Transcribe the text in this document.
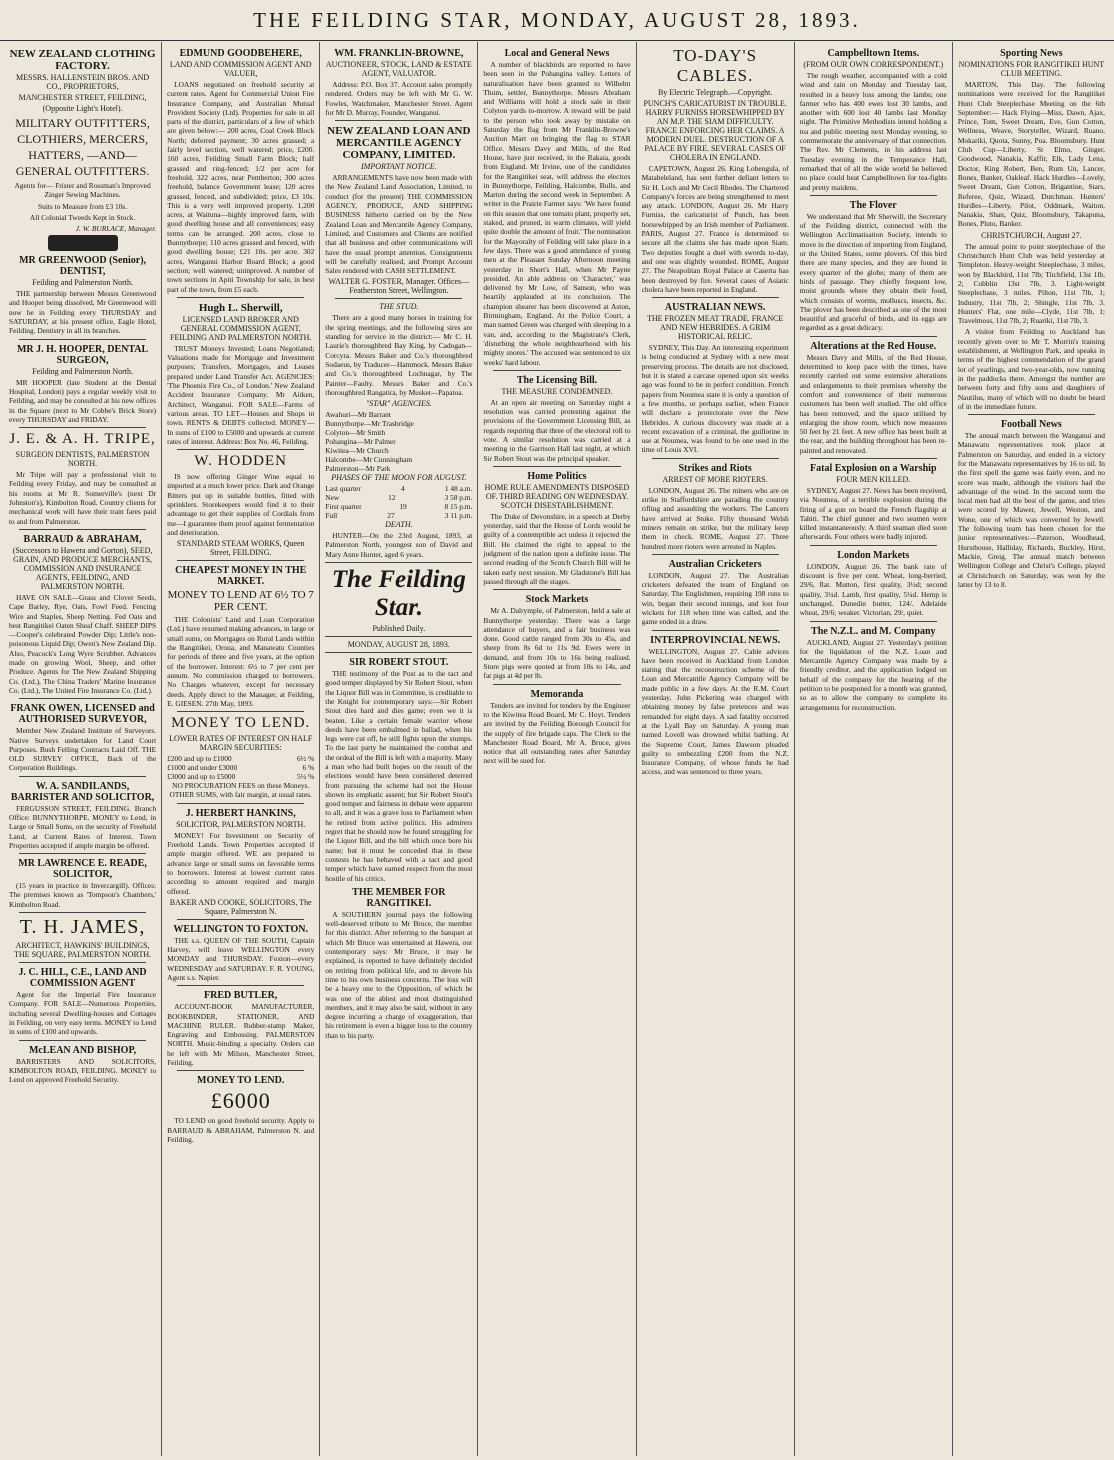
THE FEILDING STAR, MONDAY, AUGUST 28, 1893.
NEW ZEALAND CLOTHING FACTORY.
MESSRS. HALLENSTEIN BROS. AND CO., PROPRIETORS,
MANCHESTER STREET, FEILDING,
(Opposite Light's Hotel).
MILITARY OUTFITTERS, CLOTHIERS, MERCERS, HATTERS, —AND— GENERAL OUTFITTERS.
Agents for— Frister and Rossman's Improved Zinger Sewing Machines.
Suits to Measure from £3 10s.
All Colonial Tweeds Kept in Stock.
J. W. BURLACE, Manager.
MR GREENWOOD (Senior), DENTIST,
Feilding and Palmerston North.
THE partnership between Messrs Greenwood and Hooper being dissolved, Mr Greenwood will now be in Feilding every THURSDAY and SATURDAY, at his present office, Eagle Hotel, Feilding. Dentistry in all its branches.
MR J. H. HOOPER, DENTAL SURGEON,
Feilding and Palmerston North.
MR HOOPER (late Student at the Dental Hospital, London) pays a regular weekly visit to Feilding, and may be consulted at his new offices in the Square (next to Mr Cobbe's Brick Store) every THURSDAY and FRIDAY.
J. E. & A. H. TRIPE,
SURGEON DENTISTS, PALMERSTON NORTH.
Mr Tripe will pay a professional visit to Feilding every Friday, and may be consulted at his rooms at Mr R. Somerville's (next Dr Johnston's), Kimbolton Road. Country clients for mechanical work will have their train fares paid to and from Palmerston.
BARRAUD & ABRAHAM,
(Successors to Hawera and Gorton), SEED, GRAIN, AND PRODUCE MERCHANTS, COMMISSION AND INSURANCE AGENTS, FEILDING, AND PALMERSTON NORTH.
HAVE ON SALE—Grass and Clover Seeds, Cape Barley, Rye, Oats, Fowl Feed. Fencing Wire and Staples, Sheep Netting. Fed Oats and best Rangitikei Oaten Sheaf Chaff. SHEEP DIPS—Cooper's celebrated Powder Dip; Little's non-poisonous Liquid Dip; Owen's New Zealand Dip. Also, Peacock's Long Wyre Scrubber. Advances made on growing Wool, Sheep, and other Produce. Agents for The New Zealand Shipping Co. (Ltd.), The China Traders' Marine Insurance Co. (Ltd.), The United Fire Insurance Co. (Ltd.).
FRANK OWEN, LICENSED and AUTHORISED SURVEYOR,
Member New Zealand Institute of Surveyors. Native Surveys undertaken for Land Court Purposes. Bush Felling Contracts Laid Off. THE OLD SURVEY OFFICE, Back of the Corporation Buildings.
W. A. SANDILANDS, BARRISTER AND SOLICITOR,
FERGUSSON STREET, FEILDING. Branch Office: BUNNYTHORPE. MONEY to Lend, in Large or Small Sums, on the security of Freehold Land, at Current Rates of Interest. Town Properties accepted if ample margin be offered.
MR LAWRENCE E. READE, SOLICITOR,
(15 years in practice in Invercargill). Offices: The premises known as 'Tompson's Chambers,' Kimbolton Road.
T. H. JAMES,
ARCHITECT, HAWKINS' BUILDINGS, THE SQUARE, PALMERSTON NORTH.
J. C. HILL, C.E., LAND AND COMMISSION AGENT
Agent for the Imperial Fire Insurance Company. FOR SALE—Numerous Properties, including several Dwelling-houses and Cottages in Feilding, on very easy terms. MONEY to Lend in sums of £100 and upwards.
McLEAN AND BISHOP,
BARRISTERS AND SOLICITORS, KIMBOLTON ROAD, FEILDING. MONEY to Lend on approved Freehold Security.
EDMUND GOODBEHERE,
LAND AND COMMISSION AGENT AND VALUER,
LOANS negotiated on freehold security at current rates. Agent for Commercial Union Fire Insurance Company, and Australian Mutual Provident Society (Ltd). Properties for sale in all parts of the district, particulars of a few of which are given below:— 200 acres, Coal Creek Block North; deferred payment; 30 acres grassed; a fairly level section, well watered; price, £200. 160 acres, Feilding Small Farm Block; half grassed and ring-fenced; 1/2 per acre for freehold. 322 acres, near Pemberton; 300 acres freehold, balance Government lease; 120 acres grassed, fenced, and subdivided; price, £3 10s. This is a very well improved property. 1,200 acres, at Waituna—highly improved farm, with good dwelling house and all conveniences; easy terms can be arranged. 200 acres, close to Bunnythorpe; 110 acres grassed and fenced, with good dwelling house; £21 10s. per acre. 302 acres, Wanganui Harbor Board Block; a good section; well watered; uninproved. A number of town sections in Apiti Township for sale, in best part of the town, from £5 each.
Hugh L. Sherwill,
LICENSED LAND BROKER AND GENERAL COMMISSION AGENT, FEILDING AND PALMERSTON NORTH.
TRUST Moneys Invested; Loans Negotiated; Valuations made for Mortgage and Investment purposes; Transfers, Mortgages, and Leases prepared under Land Transfer Act. AGENCIES: 'The Phoenix Fire Co., of London.' New Zealand Accident Insurance Company. Mr Aitken, Architect, Wanganui. FOR SALE—Farms of various areas. TO LET—Houses and Shops in town. RENTS & DEBTS collected. MONEY—In sums of £100 to £5000 and upwards at current rates of interest. Address: Box No. 46, Feilding.
W. HODDEN
IS now offering Ginger Wine equal to imported at a much lower price. Dark and Orange Bitters put up in suitable bottles, fitted with sprinklers. Storekeepers would find it to their advantage to get their supplies of Cordials from me—I guarantee them proof against fermentation and deterioration.
STANDARD STEAM WORKS, Queen Street, FEILDING.
CHEAPEST MONEY IN THE MARKET.
MONEY TO LEND AT 6½ TO 7 PER CENT.
THE Colonists' Land and Loan Corporation (Ltd.) have resumed making advances, in large or small sums, on Mortgages on Rural Lands within the Rangitikei, Oroua, and Manawatu Counties for periods of three and five years, at the option of the borrower. Interest: 6½ to 7 per cent per annum. No commission charged to borrowers. No Charges whatever, except for necessary deeds. Apply direct to the Manager, at Feilding, E. GIESEN. 27th May, 1893.
MONEY TO LEND.
LOWER RATES OF INTEREST ON HALF MARGIN SECURITIES:
£200 and up to £1000	6½ %
£1000 and under £3000	6 %
£3000 and up to £5000	5½ %
NO PROCURATION FEES on these Moneys. OTHER SUMS, with fair margin, at usual rates.
J. HERBERT HANKINS,
SOLICITOR, PALMERSTON NORTH.
MONEY! For Investment on Security of Freehold Lands. Town Properties accepted if ample margin offered. WE are prepared to advance large or small sums on favorable terms to borrowers. Interest at lowest current rates according to amount required and margin offered.
BAKER AND COOKE, SOLICITORS, The Square, Palmerston N.
WELLINGTON TO FOXTON.
THE s.s. QUEEN OF THE SOUTH, Captain Harvey, will leave WELLINGTON every MONDAY and THURSDAY. Foxton—every WEDNESDAY and SATURDAY. F. R. YOUNG, Agent s.s. Napier.
FRED BUTLER,
ACCOUNT-BOOK MANUFACTURER, BOOKBINDER, STATIONER, AND MACHINE RULER. Rubber-stamp Maker, Engraving and Embossing. PALMERSTON NORTH. Music-binding a specialty. Orders can be left with Mr Milson, Manchester Street, Feilding.
MONEY TO LEND.
£6000
TO LEND on good freehold security. Apply to BARRAUD & ABRAHAM, Palmerston N. and Feilding.
WM. FRANKLIN-BROWNE,
AUCTIONEER, STOCK, LAND & ESTATE AGENT, VALUATOR.
Address: P.O. Box 37. Account sales promptly rendered. Orders may be left with Mr G. W. Fowles, Watchmaker, Manchester Street. Agent for Mr D. Murray, Founder, Wanganui.
NEW ZEALAND LOAN AND MERCANTILE AGENCY COMPANY, LIMITED.
IMPORTANT NOTICE.
ARRANGEMENTS have now been made with the New Zealand Land Association, Limited, to conduct (for the present) THE COMMISSION AGENCY, PRODUCE, AND SHIPPING BUSINESS hitherto carried on by the New Zealand Loan and Mercantile Agency Company, Limited, and Customers and Clients are notified that all business and other communications will have the usual prompt attention. Consignments will be carefully realised, and Prompt Account Sales rendered with CASH SETTLEMENT.
WALTER G. FOSTER, Manager. Offices—Featherston Street, Wellington.
THE STUD.
There are a good many horses in training for the spring meetings, and the following sires are standing for service in the district:— Mr C. H. Laurie's thoroughbred Bay King, by Cadogan—Corcyra. Messrs Baker and Co.'s thoroughbred Sodaeus, by Traducer—Hammock. Messrs Baker and Co.'s thoroughbred Lochnagar, by The Painter—Faulty. Messrs Baker and Co.'s thoroughbred Rangatira, by Musket—Papatoa.
"STAR" AGENCIES.
Awahuri—Mr Barrant
Bunnythorpe—Mr Trasbridge
Colyton—Mr Smith
Pohangina—Mr Palmer
Kiwitea—Mr Church
Halcombe—Mr Cunningham
Palmerston—Mr Park
PHASES OF THE MOON FOR AUGUST.
Last quarter	4	1 48 a.m.
New	12	3 58 p.m.
First quarter	19	8 15 p.m.
Full	27	3 11 p.m.
DEATH.
HUNTER—On the 23rd August, 1893, at Palmerston North, youngest son of David and Mary Anne Hunter, aged 6 years.
The Feilding Star.
Published Daily.
MONDAY, AUGUST 28, 1893.
SIR ROBERT STOUT.
THE testimony of the Post as to the tact and good temper displayed by Sir Robert Stout, when the Liquor Bill was in Committee, is creditable to the Knight for contemporary says:—Sir Robert Stout dies hard and dies game; even we it is beaten. Like a certain female warrior whose deeds have been embalmed in ballad, when his legs were cut off, he still fights upon the stumps. To the last party he maintained the combat and the ordeal of the Bill is left with a majority. Many a man who had built hopes on the result of the elections would have been considered deterred from pursuing the scheme had not the House shown its emphatic assent; but Sir Robert Stout's good temper and fairness in debate were apparent to all, and it was a grave loss to Parliament when he retired from active politics. His admirers regret that he should now be found struggling for the Liquor Bill, and the bill which once bore his name; but it must be conceded that in these contests he has behaved with a tact and good temper which have earned respect from the most hostile of his critics.
THE MEMBER FOR RANGITIKEI.
A SOUTHERN journal pays the following well-deserved tribute to Mr Bruce, the member for this district. After referring to the banquet at which Mr Bruce was entertained at Hawera, our contemporary says: Mr Bruce, it may be explained, is reported to have definitely decided on retiring from political life, and to devote his time to his own business concerns. The loss will be a heavy one to the Opposition, of which he was one of the ablest and most distinguished members, and it may also be said, without in any degree incurring a charge of exaggeration, that his retirement is even a bigger loss to the country than to his party.
Local and General News
A number of blackbirds are reported to have been seen in the Pohangina valley. Letters of naturalisation have been granted to Wilhelm Thum, settler, Bunnythorpe. Messrs Abraham and Williams will hold a stock sale in their Colyton yards to-morrow. A reward will be paid to the person who took away by mistake on Saturday the flag from Mr Franklin-Browne's Auction Mart on bringing the flag to STAR Office. Messrs Davy and Mills, of the Red House, have just received, in the Rakaia, goods from England. Mr Irvine, one of the candidates for the Rangitikei seat, will address the electors in Bunnythorpe, Feilding, Halcombe, Bulls, and Marton during the second week in September. A writer in the Prairie Farmer says: 'We have found on this season that one tomato plant, properly set, staked, and pruned, in warm climates, will yield quite double the amount of fruit.' The nomination for the Mayoralty of Feilding will take place in a few days. There was a good attendance of young men at the Pleasant Sunday Afternoon meeting yesterday in Short's Hall, when Mr Payne presided. An able address on 'Character,' was delivered by Mr Low, of Sanson, who was heartily applauded at its conclusion. The champion shearer has been discovered at Aston, Birmingham, England. At the Police Court, a man named Green was charged with sleeping in a van, and, according to the Magistrate's Clerk, 'disturbing the whole neighbourhood with his mighty snores.' The accused was sentenced to six weeks' hard labour.
The Licensing Bill.
THE MEASURE CONDEMNED.
At an open air meeting on Saturday night a resolution was carried protesting against the provisions of the Government Licensing Bill, as regards requiring that three of the electoral roll to vote. A similar resolution was carried at a meeting in the Garrison Hall last night, at which Sir Robert Stout was the principal speaker.
Home Politics
HOME RULE AMENDMENTS DISPOSED OF. THIRD READING ON WEDNESDAY. SCOTCH DISESTABLISHMENT.
The Duke of Devonshire, in a speech at Derby yesterday, said that the House of Lords would be guilty of a contemptible act unless it rejected the Bill. He claimed the right to appeal to the judgment of the nation upon a definite issue. The second reading of the Scotch Church Bill will be taken early next session. Mr Gladstone's Bill has passed through all the stages.
Stock Markets
Mr A. Dalrymple, of Palmerston, held a sale at Bunnythorpe yesterday. There was a large attendance of buyers, and a fair business was done. Good cattle ranged from 30s to 45s, and sheep from 8s 6d to 11s 9d. Ewes were in demand, and from 10s to 16s being realised. Store pigs were quoted at from 10s to 14s, and fat pigs at 4d per lb.
Memoranda
Tenders are invited for tenders by the Engineer to the Kiwitea Road Board, Mr C. Hoyt. Tenders are invited by the Feilding Borough Council for the supply of fire brigade caps. The Clerk to the Manchester Road Board, Mr A. Bruce, gives notice that all outstanding rates after Saturday next will be sued for.
TO-DAY'S CABLES.
By Electric Telegraph.—Copyright.
PUNCH'S CARICATURIST IN TROUBLE. HARRY FURNISS HORSEWHIPPED BY AN M.P. THE SIAM DIFFICULTY. FRANCE ENFORCING HER CLAIMS. A MODERN DUEL. DESTRUCTION OF A PALACE BY FIRE. SEVERAL CASES OF CHOLERA IN ENGLAND.
CAPETOWN, August 26. King Lobengula, of Matabeleland, has sent further defiant letters to Sir H. Loch and Mr Cecil Rhodes. The Chartered Company's forces are being strengthened to meet any attack. LONDON, August 26. Mr Harry Furniss, the caricaturist of Punch, has been horsewhipped by an Irish member of Parliament. PARIS, August 27. France is determined to secure all the claims she has made upon Siam. Two deputies fought a duel with swords to-day, and one was slightly wounded. ROME, August 27. The Neapolitan Royal Palace at Caserta has been destroyed by fire. Several cases of Asiatic cholera have been reported in England.
AUSTRALIAN NEWS.
THE FROZEN MEAT TRADE. FRANCE AND NEW HEBRIDES. A GRIM HISTORICAL RELIC.
SYDNEY, This Day. An interesting experiment is being conducted at Sydney with a new meat preserving process. The details are not disclosed, but it is stated a carcase opened upon six weeks ago was found to be in perfect condition. French papers from Noumea state it is only a question of a few months, or perhaps earlier, when France will declare a protectorate over the New Hebrides. A curious discovery was made at a recent excavation of a criminal, the guillotine in use at Noumea, was found to be one used in the time of Louis XVI.
Strikes and Riots
ARREST OF MORE RIOTERS.
LONDON, August 26. The miners who are on strike in Staffordshire are parading the country rifling and assaulting the workers. The Lancers have arrived at Stoke. Fifty thousand Welsh miners remain on strike, but the military keep them in check. ROME, August 27. Three hundred more rioters were arrested in Naples.
Australian Cricketers
LONDON, August 27. The Australian cricketers defeated the team of England on Saturday. The Englishmen, requiring 198 runs to win, began their second innings, and lost four wickets for 118 when time was called, and the game ended in a draw.
INTERPROVINCIAL NEWS.
WELLINGTON, August 27. Cable advices have been received in Auckland from London stating that the reconstruction scheme of the Loan and Mercantile Agency Company will be made public in a few days. At the R.M. Court yesterday, John Pickering was charged with obtaining money by false pretences and was remanded for eight days. A sad fatality occurred at the Lyall Bay on Saturday. A young man named Lovell was drowned whilst bathing. At the Supreme Court, James Dawson pleaded guilty to embezzling £200 from the N.Z. Insurance Company, of whose funds he had access, and was sentenced to three years.
Campbelltown Items.
(FROM OUR OWN CORRESPONDENT.)
The rough weather, accompanied with a cold wind and rain on Monday and Tuesday last, resulted in a heavy loss among the lambs; one farmer who has 400 ewes lost 30 lambs, and another with 600 lost 40 lambs last Monday night. The Primitive Methodists intend holding a tea and public meeting next Monday evening, to commemorate the anniversary of that connection. The Rev. Mr Clements, in his address last Tuesday evening in the Temperance Hall, remarked that of all the wide world he believed no place could beat Campbelltown for tea-fights and pretty maidens.
The Flover
We understand that Mr Sherwill, the Secretary of the Feilding district, connected with the Wellington Acclimatisation Society, intends to move in the direction of importing from England, or the United States, some plovers. Of this bird there are many species, and they are found in every quarter of the globe; many of them are birds of passage. They chiefly frequent low, moist grounds where they obtain their food, which consists of worms, molluscs, insects, &c. The plover has been described as one of the most beautiful and graceful of birds, and its eggs are regarded as a great delicacy.
Alterations at the Red House.
Messrs Davy and Mills, of the Red House, determined to keep pace with the times, have recently carried out some extensive alterations and enlargements to their premises whereby the comfort and convenience of their numerous customers has been well studied. The old office has been removed, and the space utilised by enlarging the show room, which now measures 50 feet by 21 feet. A new office has been built at the rear, and the building throughout has been re-painted and renovated.
Fatal Explosion on a Warship
FOUR MEN KILLED.
SYDNEY, August 27. News has been received, via Noumea, of a terrible explosion during the firing of a gun on board the French flagship at Tahiti. The chief gunner and two seamen were killed instantaneously. A third seaman died soon afterwards. Four others were badly injured.
London Markets
LONDON, August 26. The bank rate of discount is five per cent. Wheat, long-berried, 29/6, flat. Mutton, first quality, 3½d; second quality, 3¼d. Lamb, first quality, 5¼d. Hemp is unchanged. Dunedin butter, 124/. Adelaide wheat, 29/6; weaker. Victorian, 29/, quiet.
The N.Z.L. and M. Company
AUCKLAND, August 27. Yesterday's petition for the liquidation of the N.Z. Loan and Mercantile Agency Company was made by a friendly creditor, and the application lodged on behalf of the company for the hearing of the petition to be postponed for a month was granted, so as to allow the company to complete its arrangements for reconstruction.
Sporting News
NOMINATIONS FOR RANGITIKEI HUNT CLUB MEETING.
MARTON, This Day. The following nominations were received for the Rangitikei Hunt Club Steeplechase Meeting on the 6th September:— Hack Flying—Miss, Dawn, Ajax, Prince, Tom, Sweet Dream, Eve, Gun Cotton, Wellness, Weave, Storyteller, Wizard, Ruano, Mokariki, Quota, Sunny, Poa. Bloomsbury. Hunt Club Cup—Liberty, St Elmo, Ginger, Goodwood, Nanakia, Kaffir, Elk, Lady Lena, Doctor, King Robert, Ben, Rum Un, Lancer, Bones, Banker, Oakleaf. Hack Hurdles—Lovely, Sweet Dream, Gun Cotton, Brigantine, Stars, Referee, Quiz, Wizard, Dutchman. Hunters' Hurdles—Liberty, Pilot, Oddmark, Waiton, Nanakia, Shan, Quiz, Bloomsbury, Takapuna, Bones, Pluto, Banker.
CHRISTCHURCH, August 27.
The annual point to point steeplechase of the Christchurch Hunt Club was held yesterday at Templeton. Heavy-weight Steeplechase, 3 miles, won by Blackbird, 11st 7lb; Titchfield, 13st 1lb, 2; Cobblin 13st 7lb, 3. Light-weight Steeplechase, 3 miles. Pilton, 11st 7lb, 1; Industry, 11st 7lb, 2; Shingle, 11st 7lb, 3. Hunters' Flat, one mile—Clyde, 11st 7lb, 1; Travelmoss, 11st 7lb, 2; Ruariki, 11st 7lb, 3.
A visitor from Feilding to Auckland has recently given over to Mr T. Morrin's training establishment, at Wellington Park, and speaks in terms of the highest commendation of the grand lot of yearlings, and two-year-olds, now running in the paddocks there. Amongst the number are between forty and fifty sons and daughters of Nautilus, many of which will no doubt be heard of in the immediate future.
Football News
The annual match between the Wanganui and Manawatu representatives took place at Palmerston on Saturday, and ended in a victory for the Manawatu representatives by 16 to nil. In the first spell the game was fairly even, and no score was made, although the visitors had the advantage of the wind. In the second term the local men had all the best of the game, and tries were scored by Mawer, Jewell, Weston, and Wone, one of which was converted by Jewell. The following team has been chosen for the junior representatives:—Paterson, Woodhead, Hursthouse, Halliday, Richards, Buckley, Hirst, Mackie, Greig. The annual match between Wellington College and Christ's College, played at Christchurch on Saturday, was won by the latter by 13 to 8.
